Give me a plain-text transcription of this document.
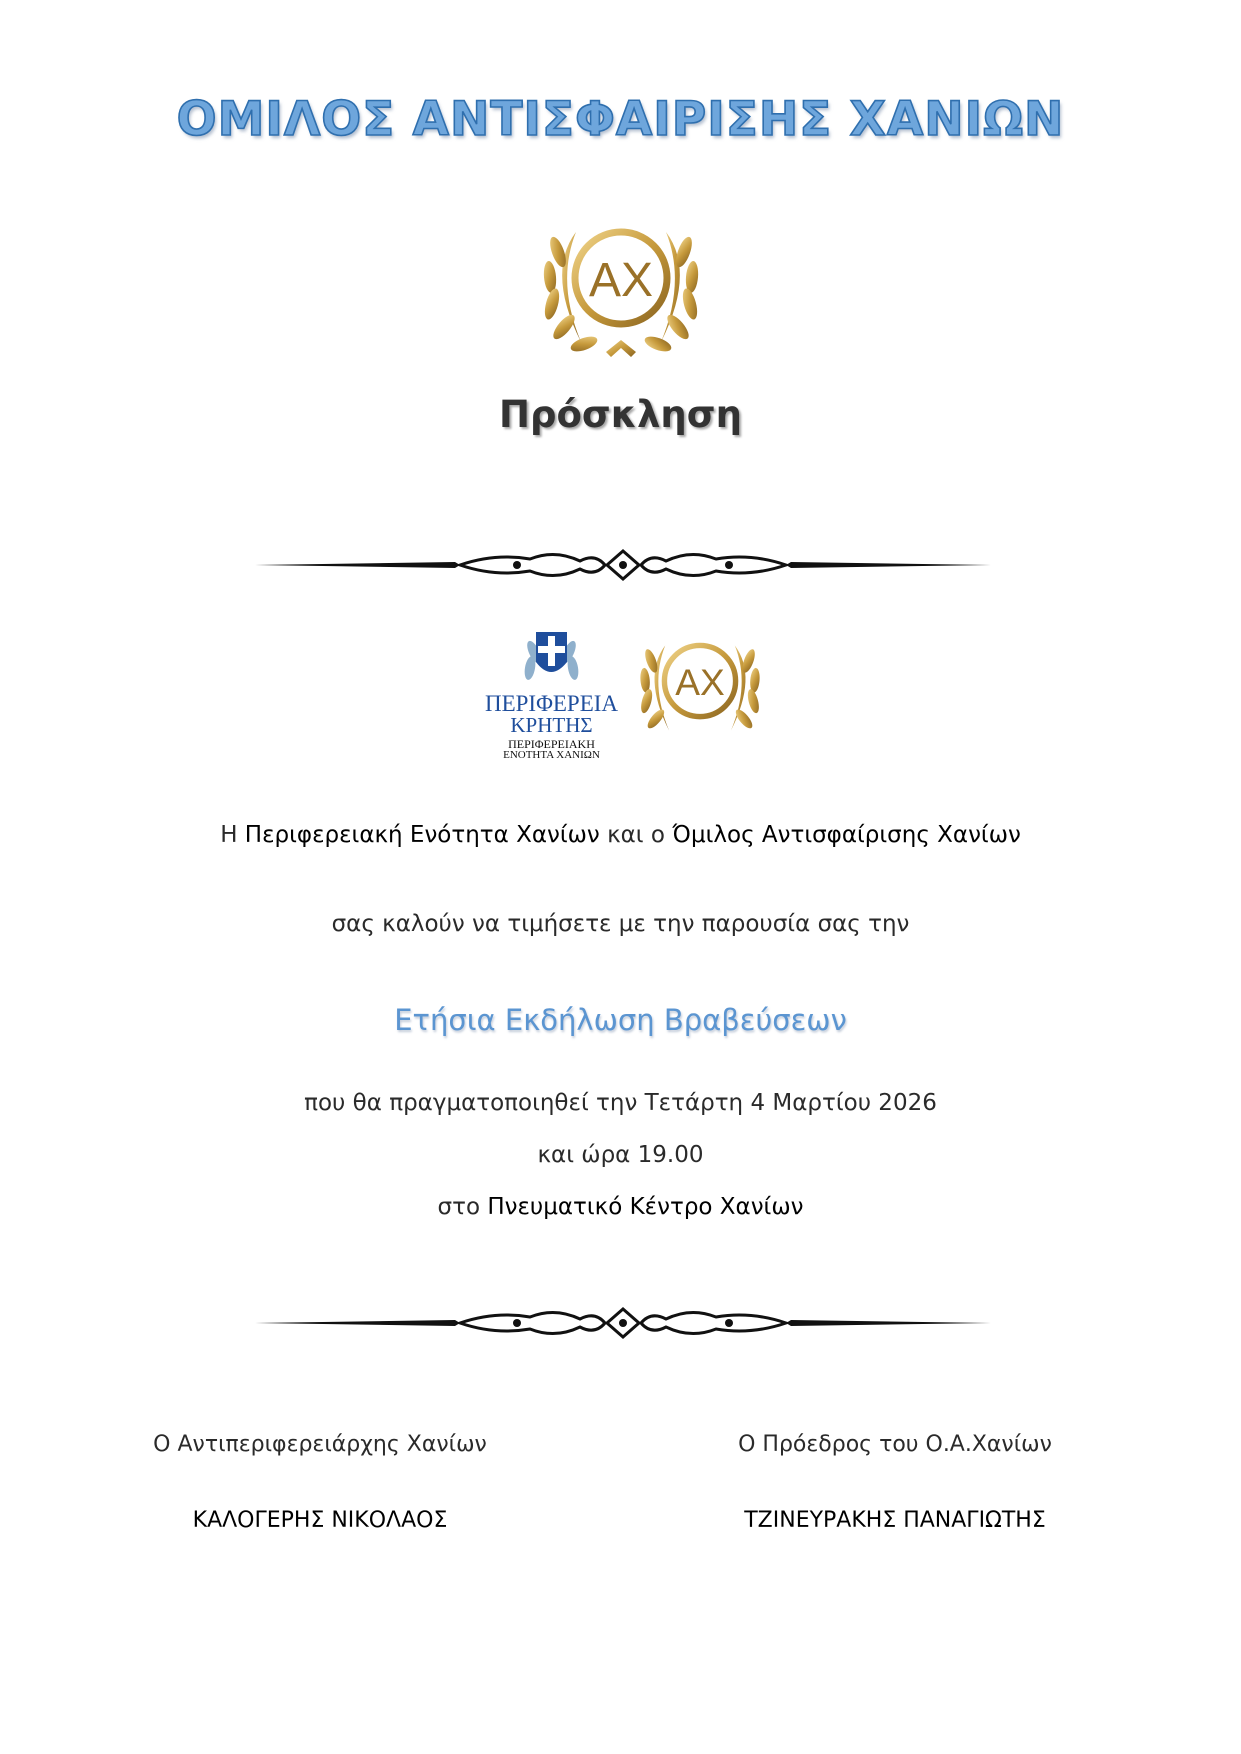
ΟΜΙΛΟΣ ΑΝΤΙΣΦΑΙΡΙΣΗΣ ΧΑΝΙΩΝ
ΑΧ
Πρόσκληση
ΠΕΡΙΦΕΡΕΙΑ
ΚΡΗΤΗΣ
ΠΕΡΙΦΕΡΕΙΑΚΗ
ΕΝΟΤΗΤΑ ΧΑΝΙΩΝ
ΑΧ
Η Περιφερειακή Ενότητα Χανίων και ο Όμιλος Αντισφαίρισης Χανίων
σας καλούν να τιμήσετε με την παρουσία σας την
Ετήσια Εκδήλωση Βραβεύσεων
που θα πραγματοποιηθεί την Τετάρτη 4 Μαρτίου 2026
και ώρα 19.00
στο Πνευματικό Κέντρο Χανίων
Ο Αντιπεριφερειάρχης Χανίων
ΚΑΛΟΓΕΡΗΣ ΝΙΚΟΛΑΟΣ
Ο Πρόεδρος του Ο.Α.Χανίων
ΤΖΙΝΕΥΡΑΚΗΣ ΠΑΝΑΓΙΩΤΗΣ
